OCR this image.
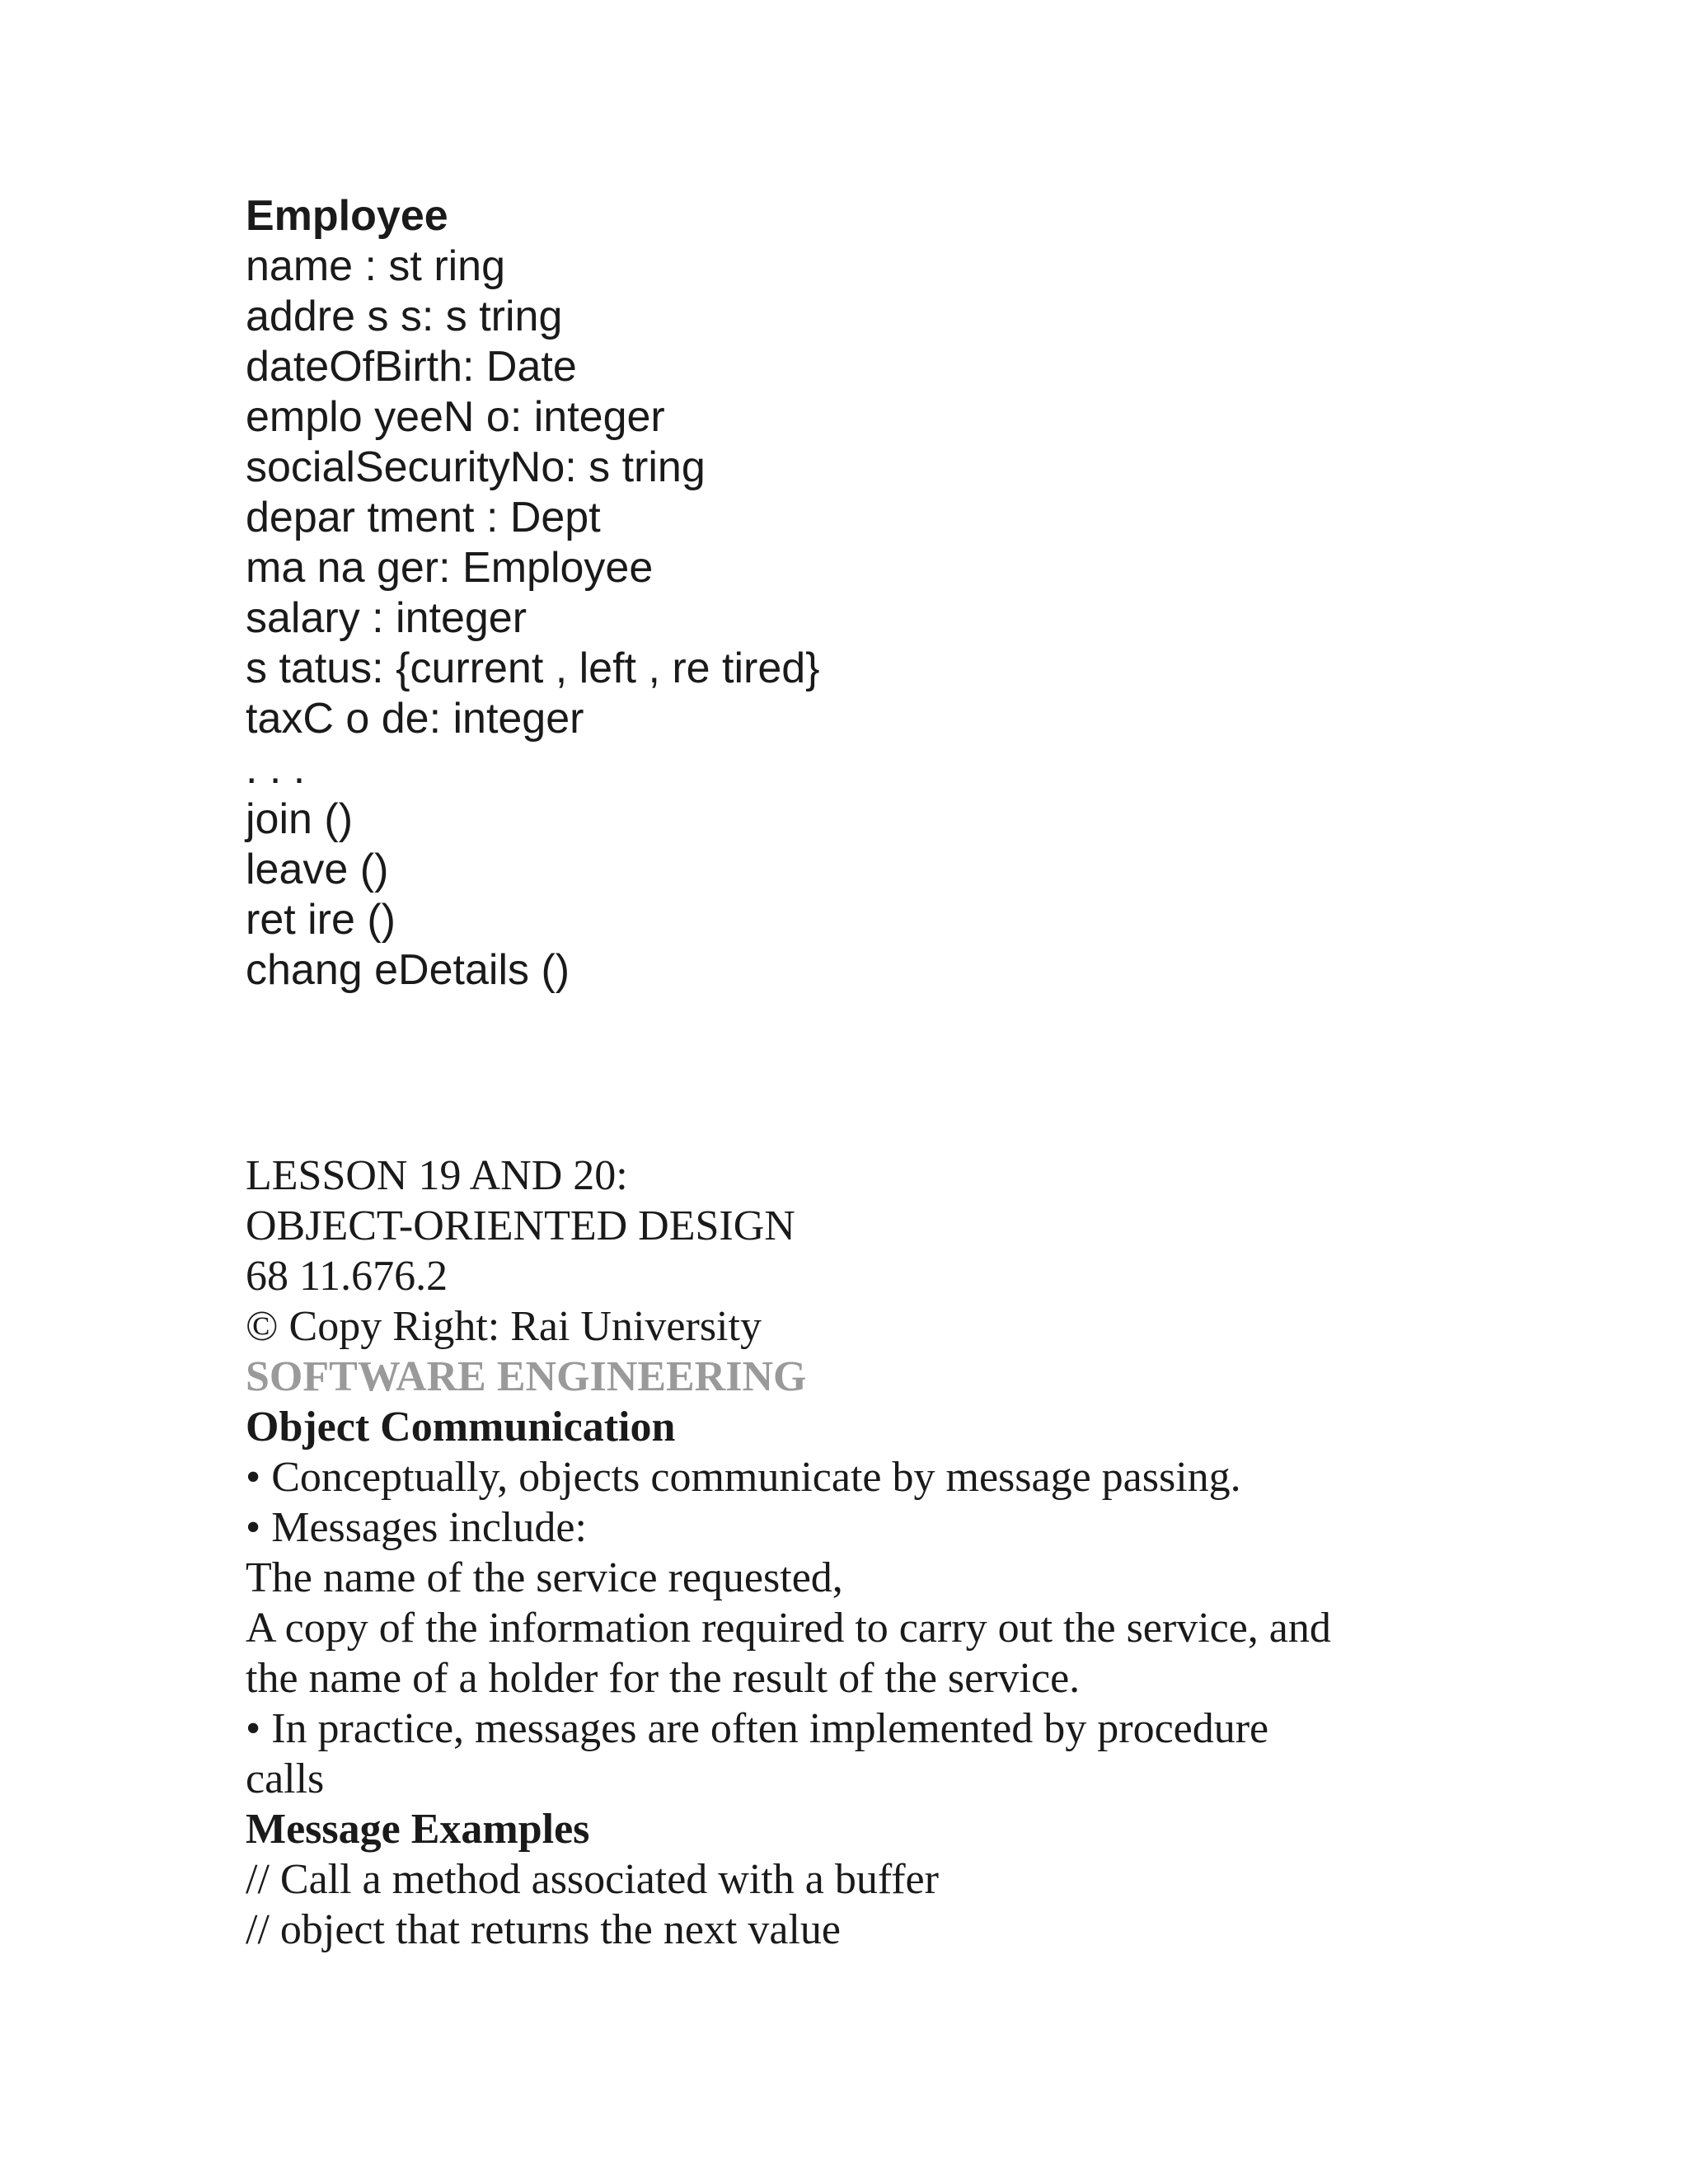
Employee
name : st ring
addre s s: s tring
dateOfBirth: Date
emplo yeeN o: integer
socialSecurityNo: s tring
depar tment : Dept
ma na ger: Employee
salary : integer
s tatus: {current , left , re tired}
taxC o de: integer
. . .
join ()
leave ()
ret ire ()
chang eDetails ()
LESSON 19 AND 20:
OBJECT-ORIENTED DESIGN
68 11.676.2
© Copy Right: Rai University
SOFTWARE ENGINEERING
Object Communication
• Conceptually, objects communicate by message passing.
• Messages include:
The name of the service requested,
A copy of the information required to carry out the service, and
the name of a holder for the result of the service.
• In practice, messages are often implemented by procedure
calls
Message Examples
// Call a method associated with a buffer
// object that returns the next value
